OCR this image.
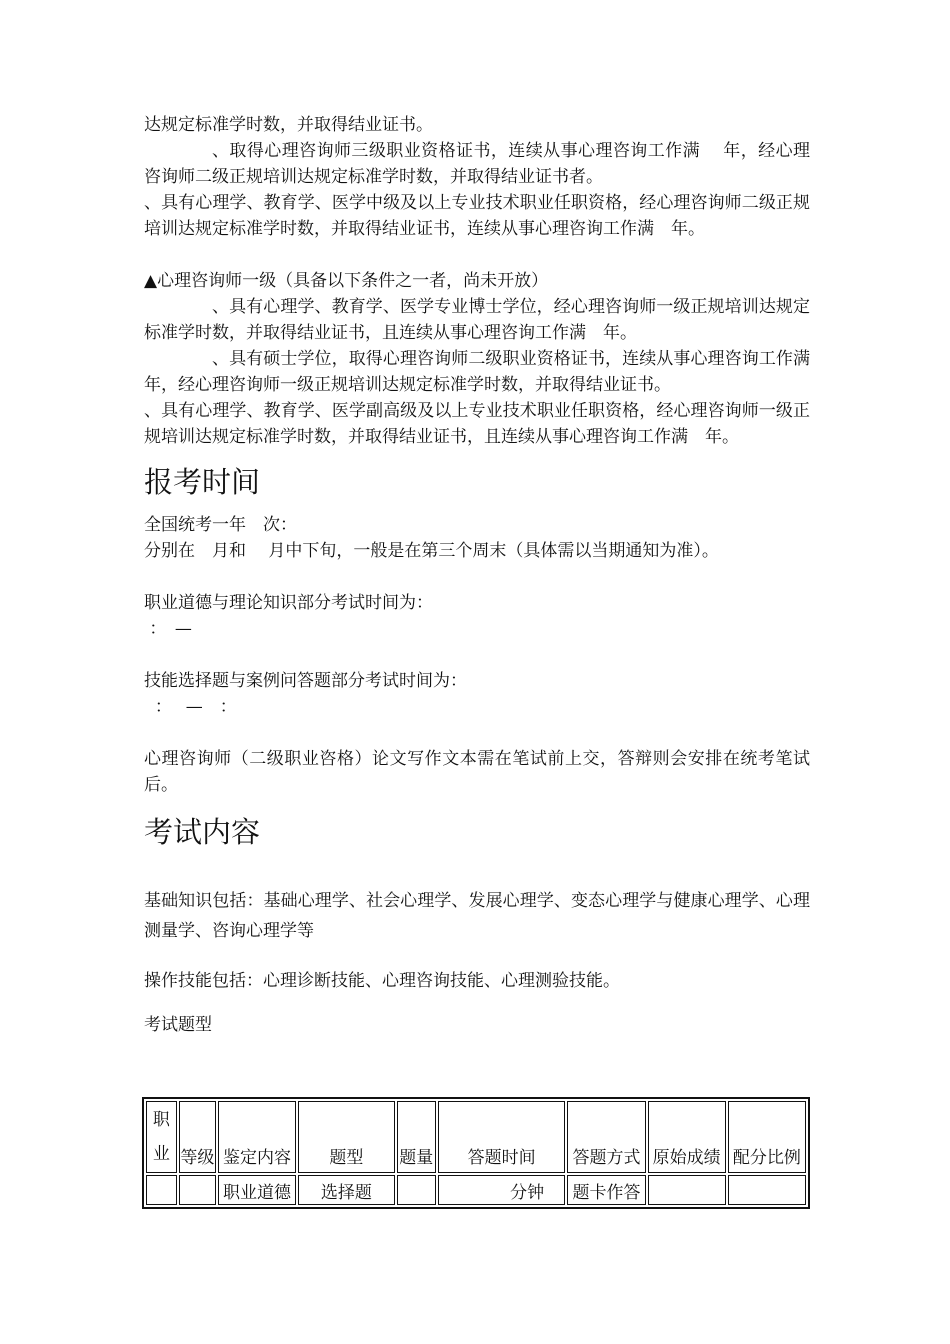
达规定标准学时数，并取得结业证书。

、取得心理咨询师三级职业资格证书，连续从事心理咨询工作满　 年，经心理咨询师二级正规培训达规定标准学时数，并取得结业证书者。

、具有心理学、教育学、医学中级及以上专业技术职业任职资格，经心理咨询师二级正规培训达规定标准学时数，并取得结业证书，连续从事心理咨询工作满　年。

▲心理咨询师一级（具备以下条件之一者，尚未开放）

、具有心理学、教育学、医学专业博士学位，经心理咨询师一级正规培训达规定标准学时数，并取得结业证书，且连续从事心理咨询工作满　年。

、具有硕士学位，取得心理咨询师二级职业资格证书，连续从事心理咨询工作满　年，经心理咨询师一级正规培训达规定标准学时数，并取得结业证书。

、具有心理学、教育学、医学副高级及以上专业技术职业任职资格，经心理咨询师一级正规培训达规定标准学时数，并取得结业证书，且连续从事心理咨询工作满　年。

报考时间

全国统考一年　次：

分别在　月和　 月中下旬，一般是在第三个周末（具体需以当期通知为准）。

职业道德与理论知识部分考试时间为：

：　—

技能选择题与案例问答题部分考试时间为：

：　 —　：

心理咨询师（二级职业咨格）论文写作文本需在笔试前上交，答辩则会安排在统考笔试后。

考试内容

基础知识包括：基础心理学、社会心理学、发展心理学、变态心理学与健康心理学、心理测量学、咨询心理学等

操作技能包括：心理诊断技能、心理咨询技能、心理测验技能。

考试题型

职
业	等级	鉴定内容	题型	题量	答题时间	答题方式	原始成绩	配分比例
		职业道德	选择题		　　　分钟	题卡作答		
